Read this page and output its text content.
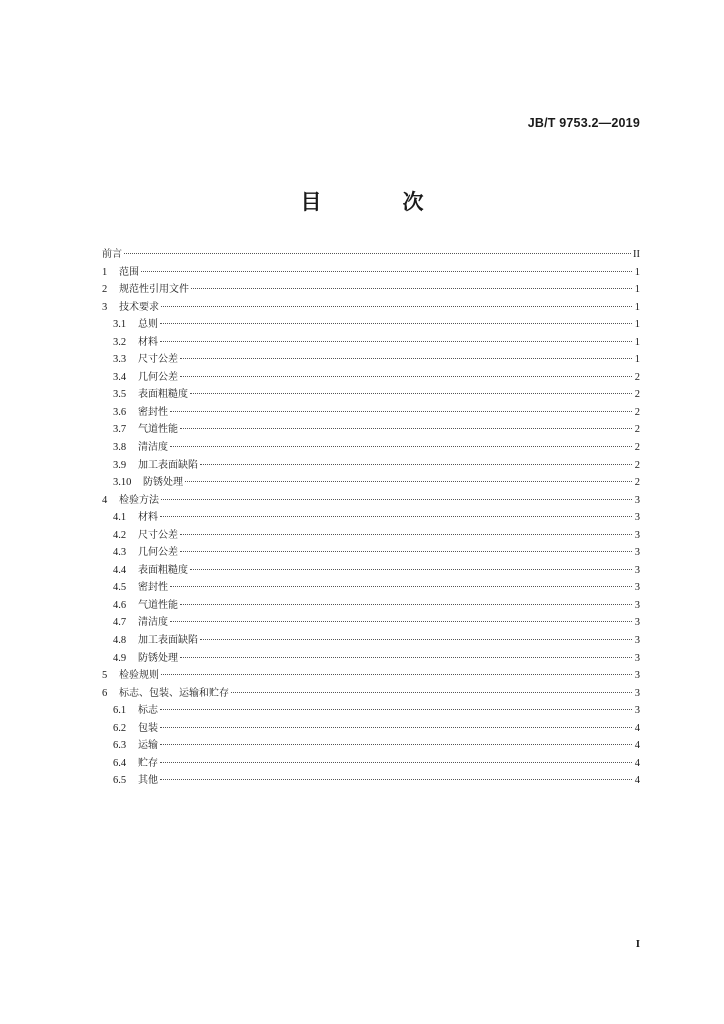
JB/T 9753.2—2019
目　次
前言	II
1	范围	1
2	规范性引用文件	1
3	技术要求	1
3.1	总则	1
3.2	材料	1
3.3	尺寸公差	1
3.4	几何公差	2
3.5	表面粗糙度	2
3.6	密封性	2
3.7	气道性能	2
3.8	清洁度	2
3.9	加工表面缺陷	2
3.10	防锈处理	2
4	检验方法	3
4.1	材料	3
4.2	尺寸公差	3
4.3	几何公差	3
4.4	表面粗糙度	3
4.5	密封性	3
4.6	气道性能	3
4.7	清洁度	3
4.8	加工表面缺陷	3
4.9	防锈处理	3
5	检验规则	3
6	标志、包装、运输和贮存	3
6.1	标志	3
6.2	包装	4
6.3	运输	4
6.4	贮存	4
6.5	其他	4
I
